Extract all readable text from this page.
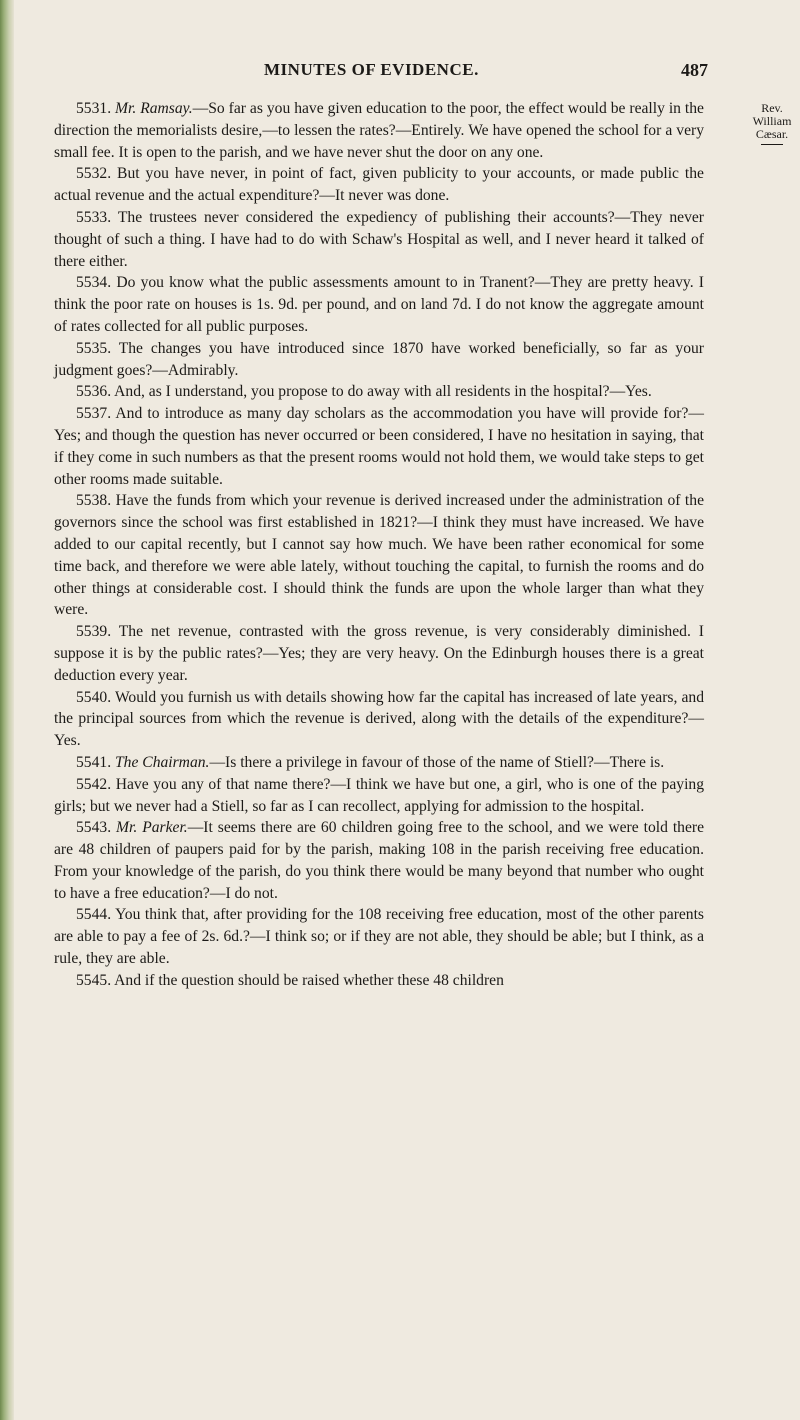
MINUTES OF EVIDENCE.	487
Rev.
William
Cæsar.

5531. Mr. Ramsay.—So far as you have given education to the poor, the effect would be really in the direction the memorialists desire,—to lessen the rates?—Entirely. We have opened the school for a very small fee. It is open to the parish, and we have never shut the door on any one.

5532. But you have never, in point of fact, given publicity to your accounts, or made public the actual revenue and the actual expenditure?—It never was done.

5533. The trustees never considered the expediency of publishing their accounts?—They never thought of such a thing. I have had to do with Schaw's Hospital as well, and I never heard it talked of there either.

5534. Do you know what the public assessments amount to in Tranent?—They are pretty heavy. I think the poor rate on houses is 1s. 9d. per pound, and on land 7d. I do not know the aggregate amount of rates collected for all public purposes.

5535. The changes you have introduced since 1870 have worked beneficially, so far as your judgment goes?—Admirably.

5536. And, as I understand, you propose to do away with all residents in the hospital?—Yes.

5537. And to introduce as many day scholars as the accommodation you have will provide for?—Yes; and though the question has never occurred or been considered, I have no hesitation in saying, that if they come in such numbers as that the present rooms would not hold them, we would take steps to get other rooms made suitable.

5538. Have the funds from which your revenue is derived increased under the administration of the governors since the school was first established in 1821?—I think they must have increased. We have added to our capital recently, but I cannot say how much. We have been rather economical for some time back, and therefore we were able lately, without touching the capital, to furnish the rooms and do other things at considerable cost. I should think the funds are upon the whole larger than what they were.

5539. The net revenue, contrasted with the gross revenue, is very considerably diminished. I suppose it is by the public rates?—Yes; they are very heavy. On the Edinburgh houses there is a great deduction every year.

5540. Would you furnish us with details showing how far the capital has increased of late years, and the principal sources from which the revenue is derived, along with the details of the expenditure?—Yes.

5541. The Chairman.—Is there a privilege in favour of those of the name of Stiell?—There is.

5542. Have you any of that name there?—I think we have but one, a girl, who is one of the paying girls; but we never had a Stiell, so far as I can recollect, applying for admission to the hospital.

5543. Mr. Parker.—It seems there are 60 children going free to the school, and we were told there are 48 children of paupers paid for by the parish, making 108 in the parish receiving free education. From your knowledge of the parish, do you think there would be many beyond that number who ought to have a free education?—I do not.

5544. You think that, after providing for the 108 receiving free education, most of the other parents are able to pay a fee of 2s. 6d.?—I think so; or if they are not able, they should be able; but I think, as a rule, they are able.

5545. And if the question should be raised whether these 48 children
